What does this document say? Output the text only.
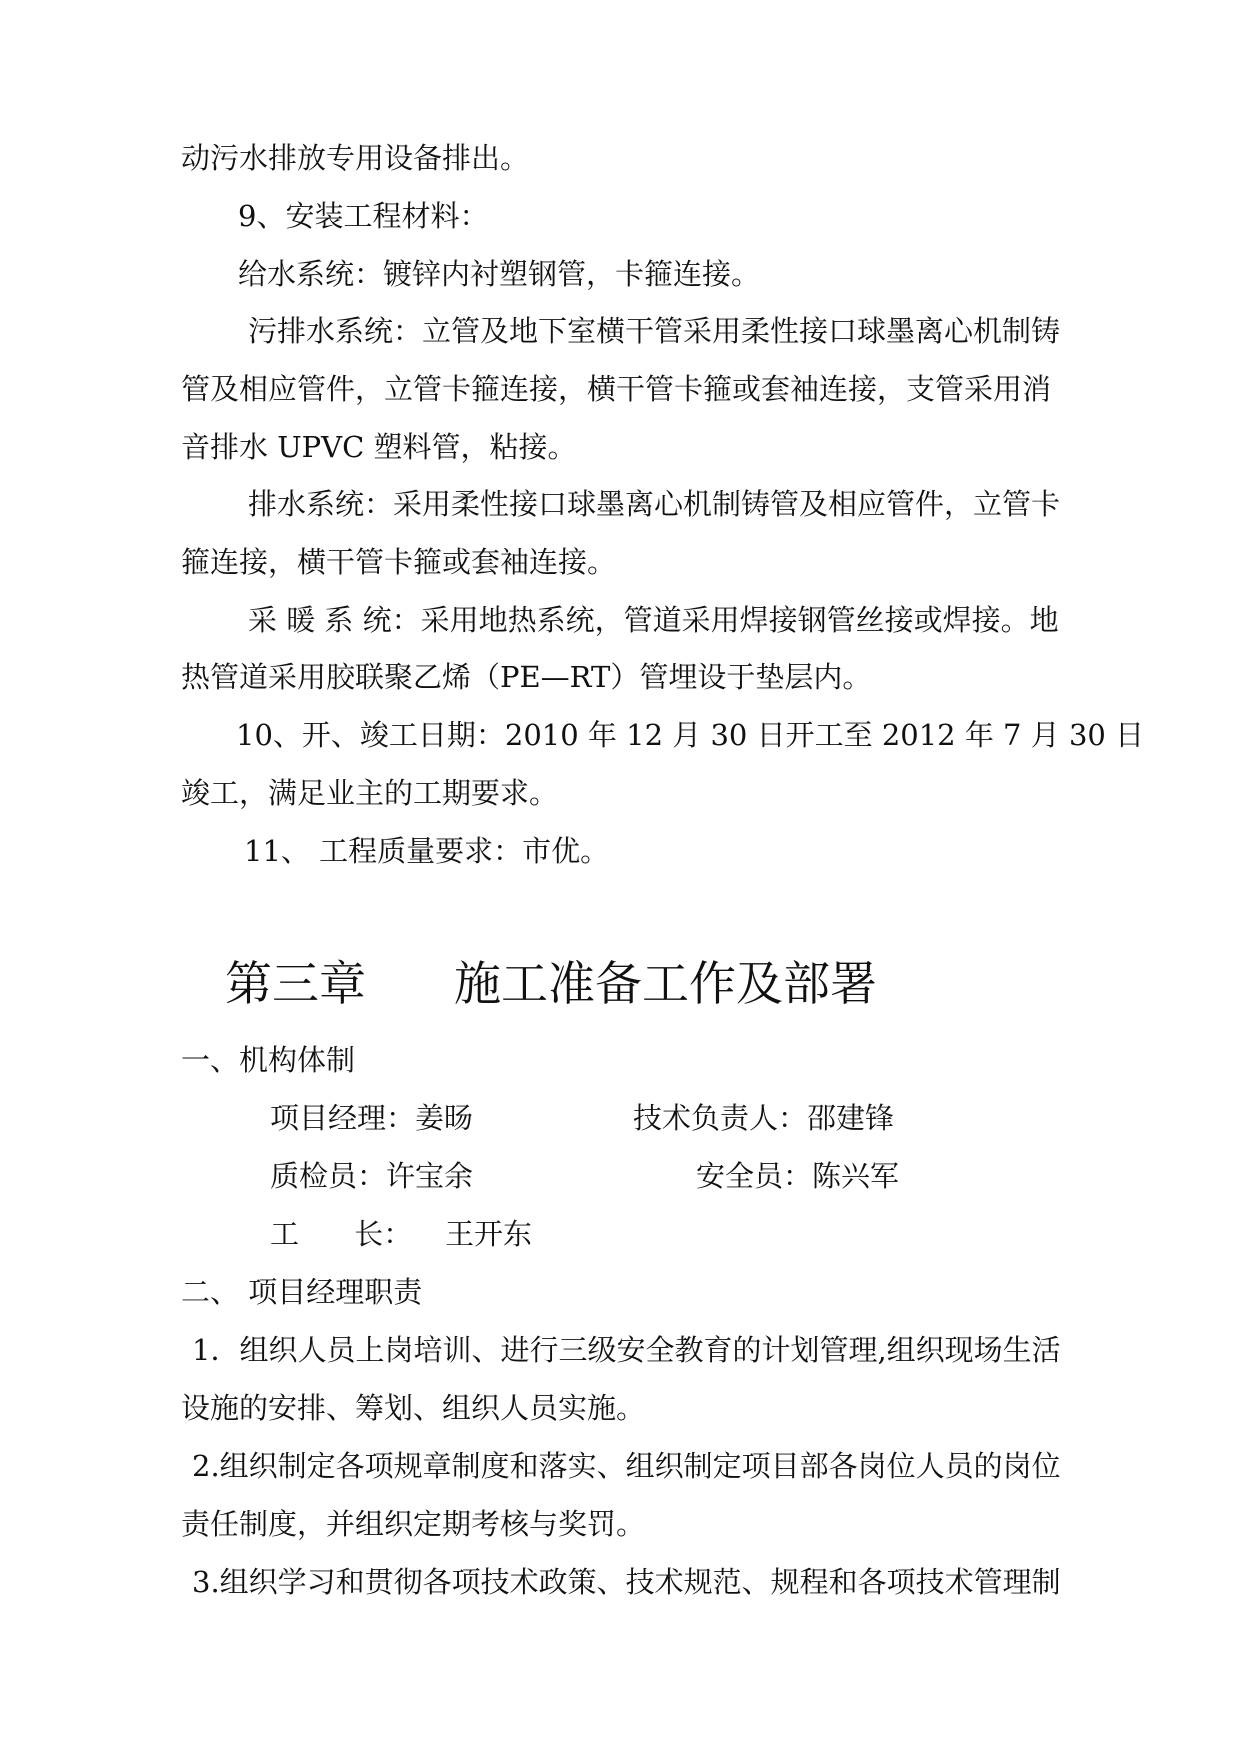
动污水排放专用设备排出。
9、安装工程材料：
给水系统：镀锌内衬塑钢管，卡箍连接。
污排水系统：立管及地下室横干管采用柔性接口球墨离心机制铸
管及相应管件，立管卡箍连接，横干管卡箍或套袖连接，支管采用消
音排水 UPVC 塑料管，粘接。
排水系统：采用柔性接口球墨离心机制铸管及相应管件，立管卡
箍连接，横干管卡箍或套袖连接。
采 暖 系 统：采用地热系统，管道采用焊接钢管丝接或焊接。地
热管道采用胶联聚乙烯（PE—RT）管埋设于垫层内。
10、开、竣工日期：2010 年 12 月 30 日开工至 2012 年 7 月 30 日
竣工，满足业主的工期要求。
11、 工程质量要求：市优。
第三章 施工准备工作及部署
一、机构体制
项目经理：姜旸	技术负责人：邵建锋
质检员：许宝余	安全员：陈兴军
工      长： 王开东
二、 项目经理职责
1．组织人员上岗培训、进行三级安全教育的计划管理,组织现场生活
设施的安排、筹划、组织人员实施。
2.组织制定各项规章制度和落实、组织制定项目部各岗位人员的岗位
责任制度，并组织定期考核与奖罚。
3.组织学习和贯彻各项技术政策、技术规范、规程和各项技术管理制
